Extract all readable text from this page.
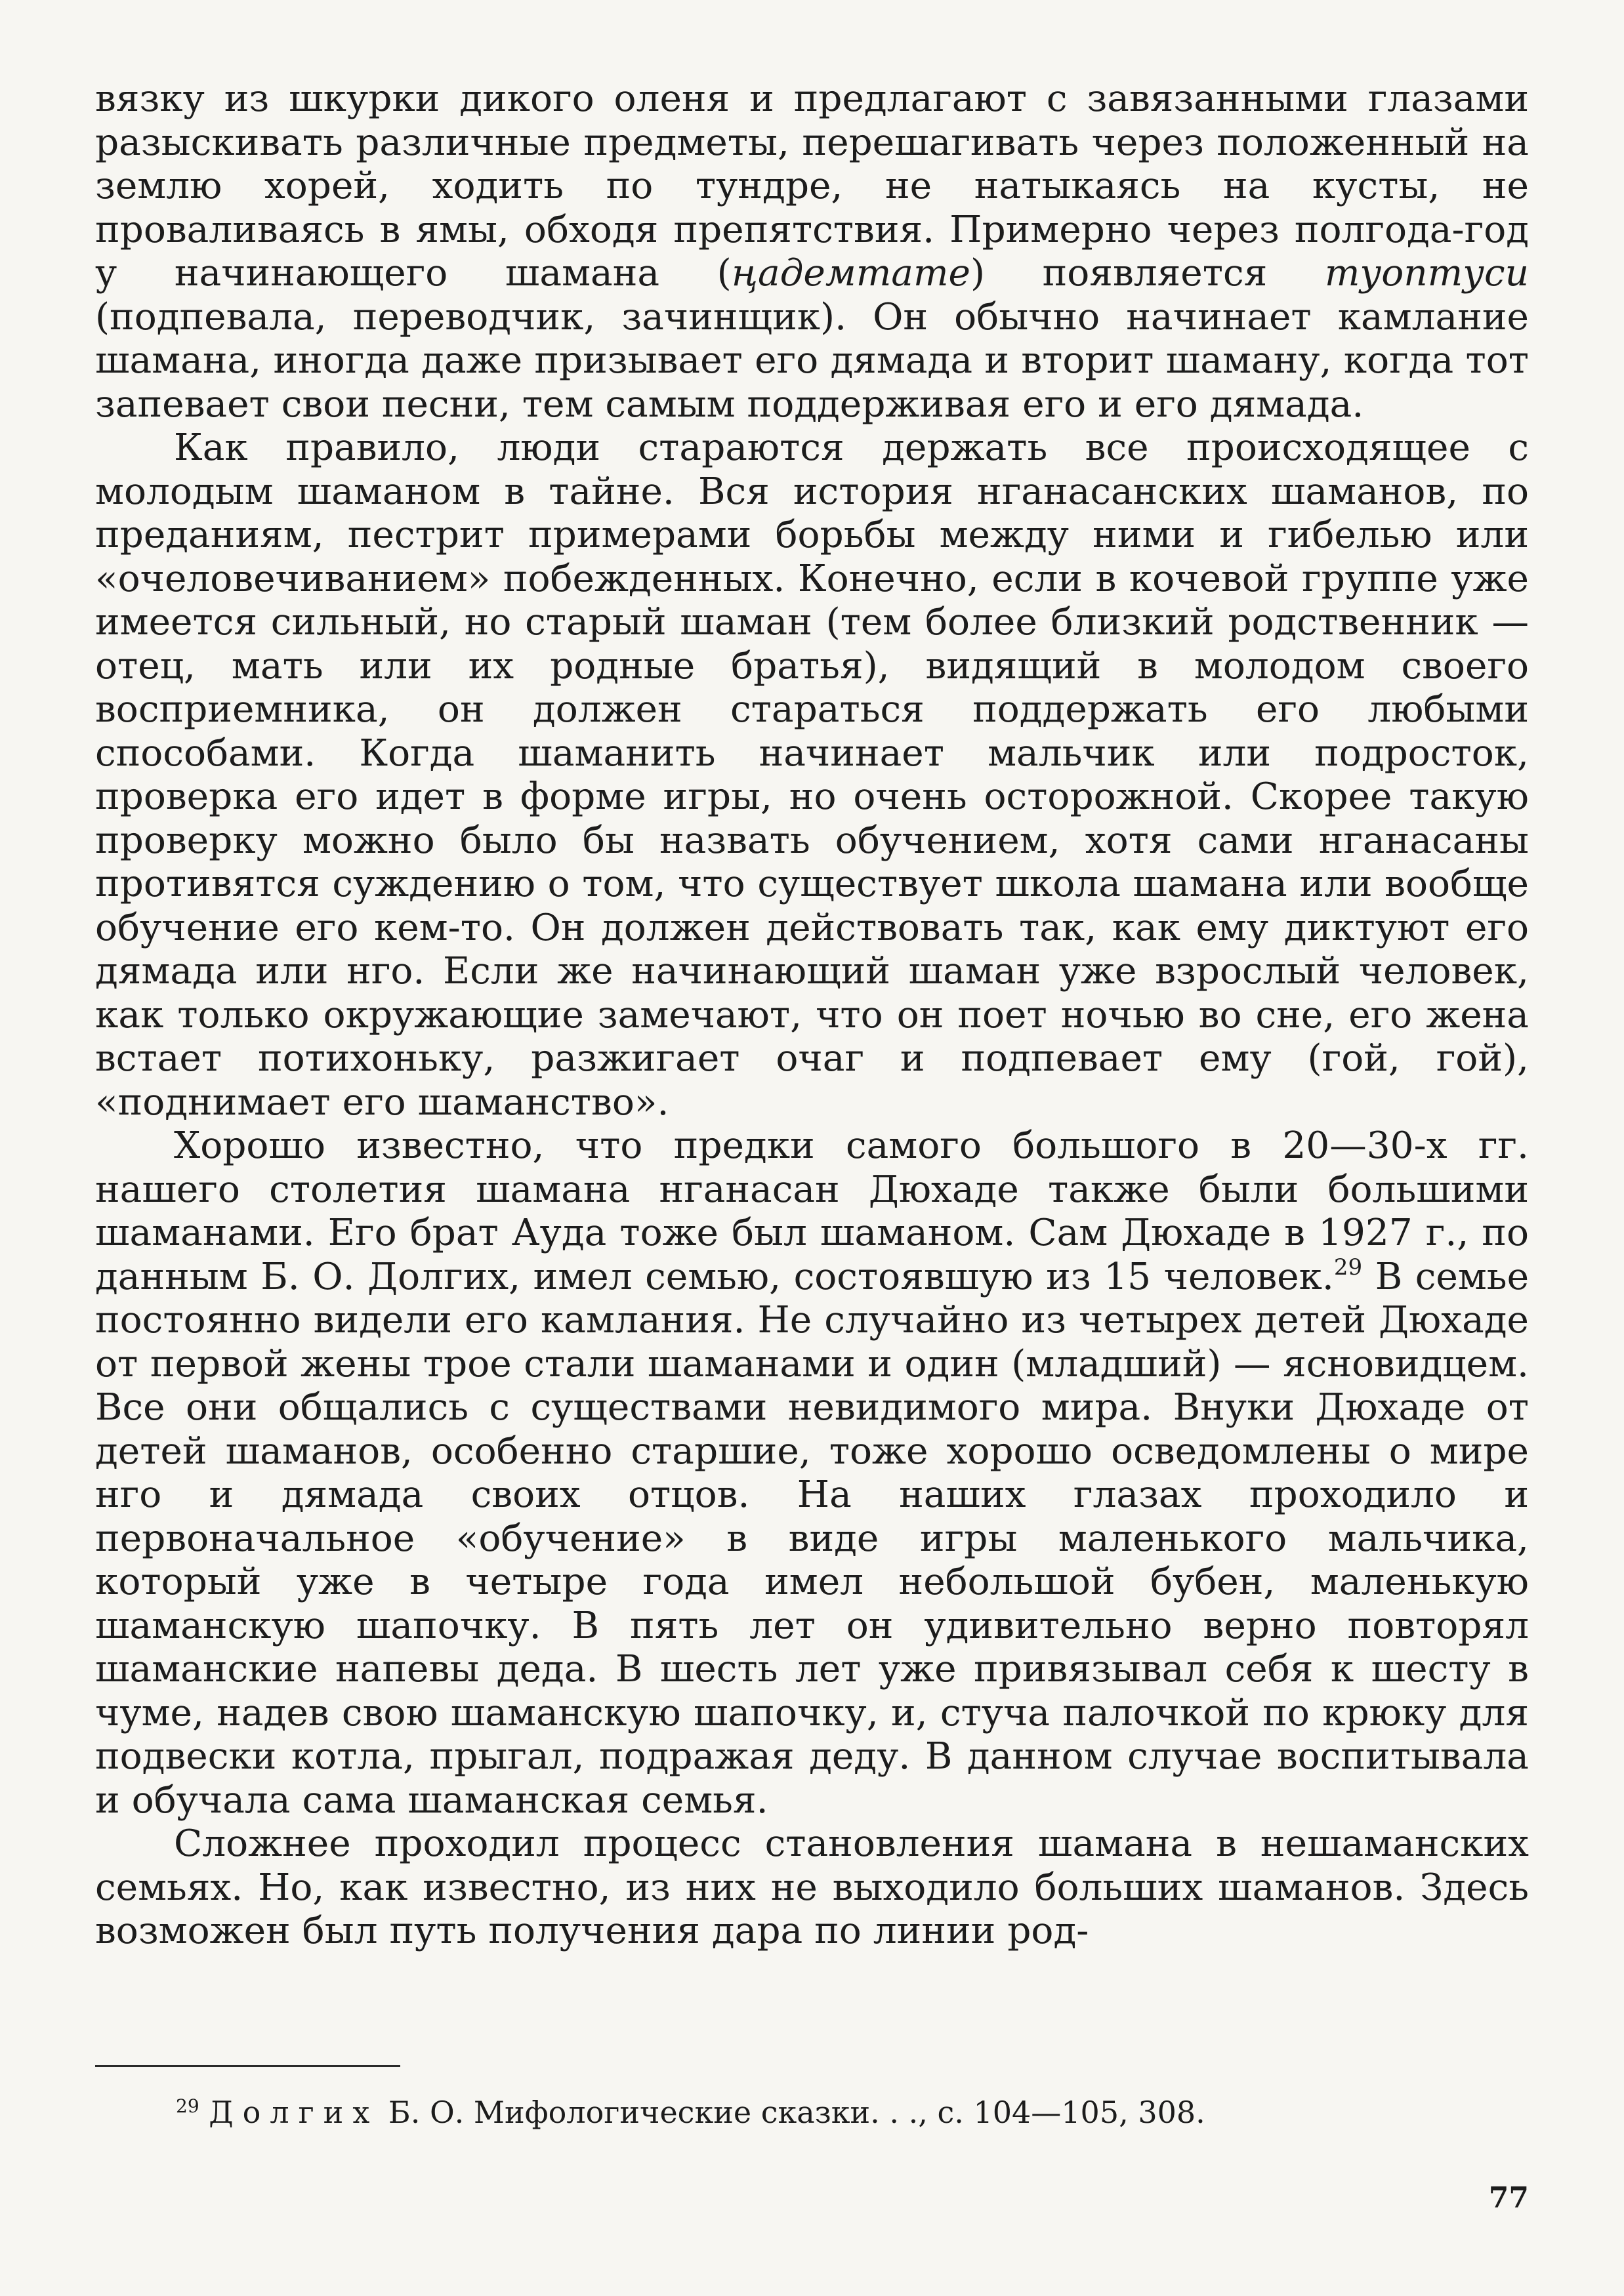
вязку из шкурки дикого оленя и предлагают с завязанными глазами разыскивать различные предметы, перешагивать через положенный на землю хорей, ходить по тундре, не натыкаясь на кусты, не проваливаясь в ямы, обходя препятствия. Примерно через полгода-год у начинающего шамана (ңадемтате) появляется туоптуси (подпевала, переводчик, зачинщик). Он обычно начинает камлание шамана, иногда даже призывает его дямада и вторит шаману, когда тот запевает свои песни, тем самым поддерживая его и его дямада.

Как правило, люди стараются держать все происходящее с молодым шаманом в тайне. Вся история нганасанских шаманов, по преданиям, пестрит примерами борьбы между ними и гибелью или «очеловечиванием» побежденных. Конечно, если в кочевой группе уже имеется сильный, но старый шаман (тем более близкий родственник — отец, мать или их родные братья), видящий в молодом своего восприемника, он должен стараться поддержать его любыми способами. Когда шаманить начинает мальчик или подросток, проверка его идет в форме игры, но очень осторожной. Скорее такую проверку можно было бы назвать обучением, хотя сами нганасаны противятся суждению о том, что существует школа шамана или вообще обучение его кем-то. Он должен действовать так, как ему диктуют его дямада или нго. Если же начинающий шаман уже взрослый человек, как только окружающие замечают, что он поет ночью во сне, его жена встает потихоньку, разжигает очаг и подпевает ему (гой, гой), «поднимает его шаманство».

Хорошо известно, что предки самого большого в 20—30-х гг. нашего столетия шамана нганасан Дюхаде также были большими шаманами. Его брат Ауда тоже был шаманом. Сам Дюхаде в 1927 г., по данным Б. О. Долгих, имел семью, состоявшую из 15 человек.$^{29}$ В семье постоянно видели его камлания. Не случайно из четырех детей Дюхаде от первой жены трое стали шаманами и один (младший) — ясновидцем. Все они общались с существами невидимого мира. Внуки Дюхаде от детей шаманов, особенно старшие, тоже хорошо осведомлены о мире нго и дямада своих отцов. На наших глазах проходило и первоначальное «обучение» в виде игры маленького мальчика, который уже в четыре года имел небольшой бубен, маленькую шаманскую шапочку. В пять лет он удивительно верно повторял шаманские напевы деда. В шесть лет уже привязывал себя к шесту в чуме, надев свою шаманскую шапочку, и, стуча палочкой по крюку для подвески котла, прыгал, подражая деду. В данном случае воспитывала и обучала сама шаманская семья.

Сложнее проходил процесс становления шамана в нешаманских семьях. Но, как известно, из них не выходило больших шаманов. Здесь возможен был путь получения дара по линии род-

$^{29}$ Долгих Б. О. Мифологические сказки. . ., с. 104—105, 308.
77
